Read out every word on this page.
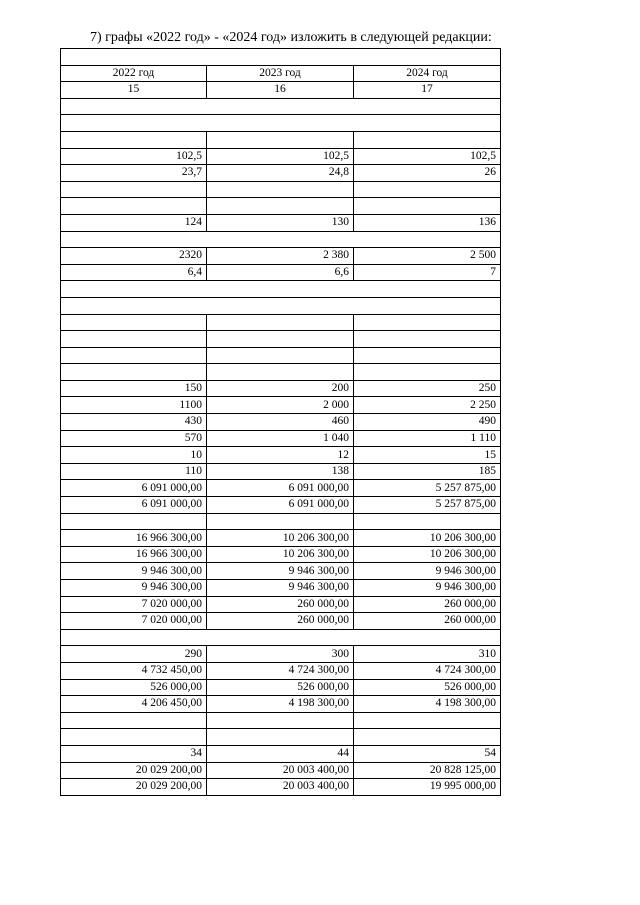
7) графы «2022 год» - «2024 год» изложить в следующей редакции:

2022 год	2023 год	2024 год
15	16	17

102,5	102,5	102,5
23,7	24,8	26

124	130	136

2320	2 380	2 500
6,4	6,6	7

150	200	250
1100	2 000	2 250
430	460	490
570	1 040	1 110
10	12	15
110	138	185
6 091 000,00	6 091 000,00	5 257 875,00
6 091 000,00	6 091 000,00	5 257 875,00

16 966 300,00	10 206 300,00	10 206 300,00
16 966 300,00	10 206 300,00	10 206 300,00
9 946 300,00	9 946 300,00	9 946 300,00
9 946 300,00	9 946 300,00	9 946 300,00
7 020 000,00	260 000,00	260 000,00
7 020 000,00	260 000,00	260 000,00

290	300	310
4 732 450,00	4 724 300,00	4 724 300,00
526 000,00	526 000,00	526 000,00
4 206 450,00	4 198 300,00	4 198 300,00

34	44	54
20 029 200,00	20 003 400,00	20 828 125,00
20 029 200,00	20 003 400,00	19 995 000,00
